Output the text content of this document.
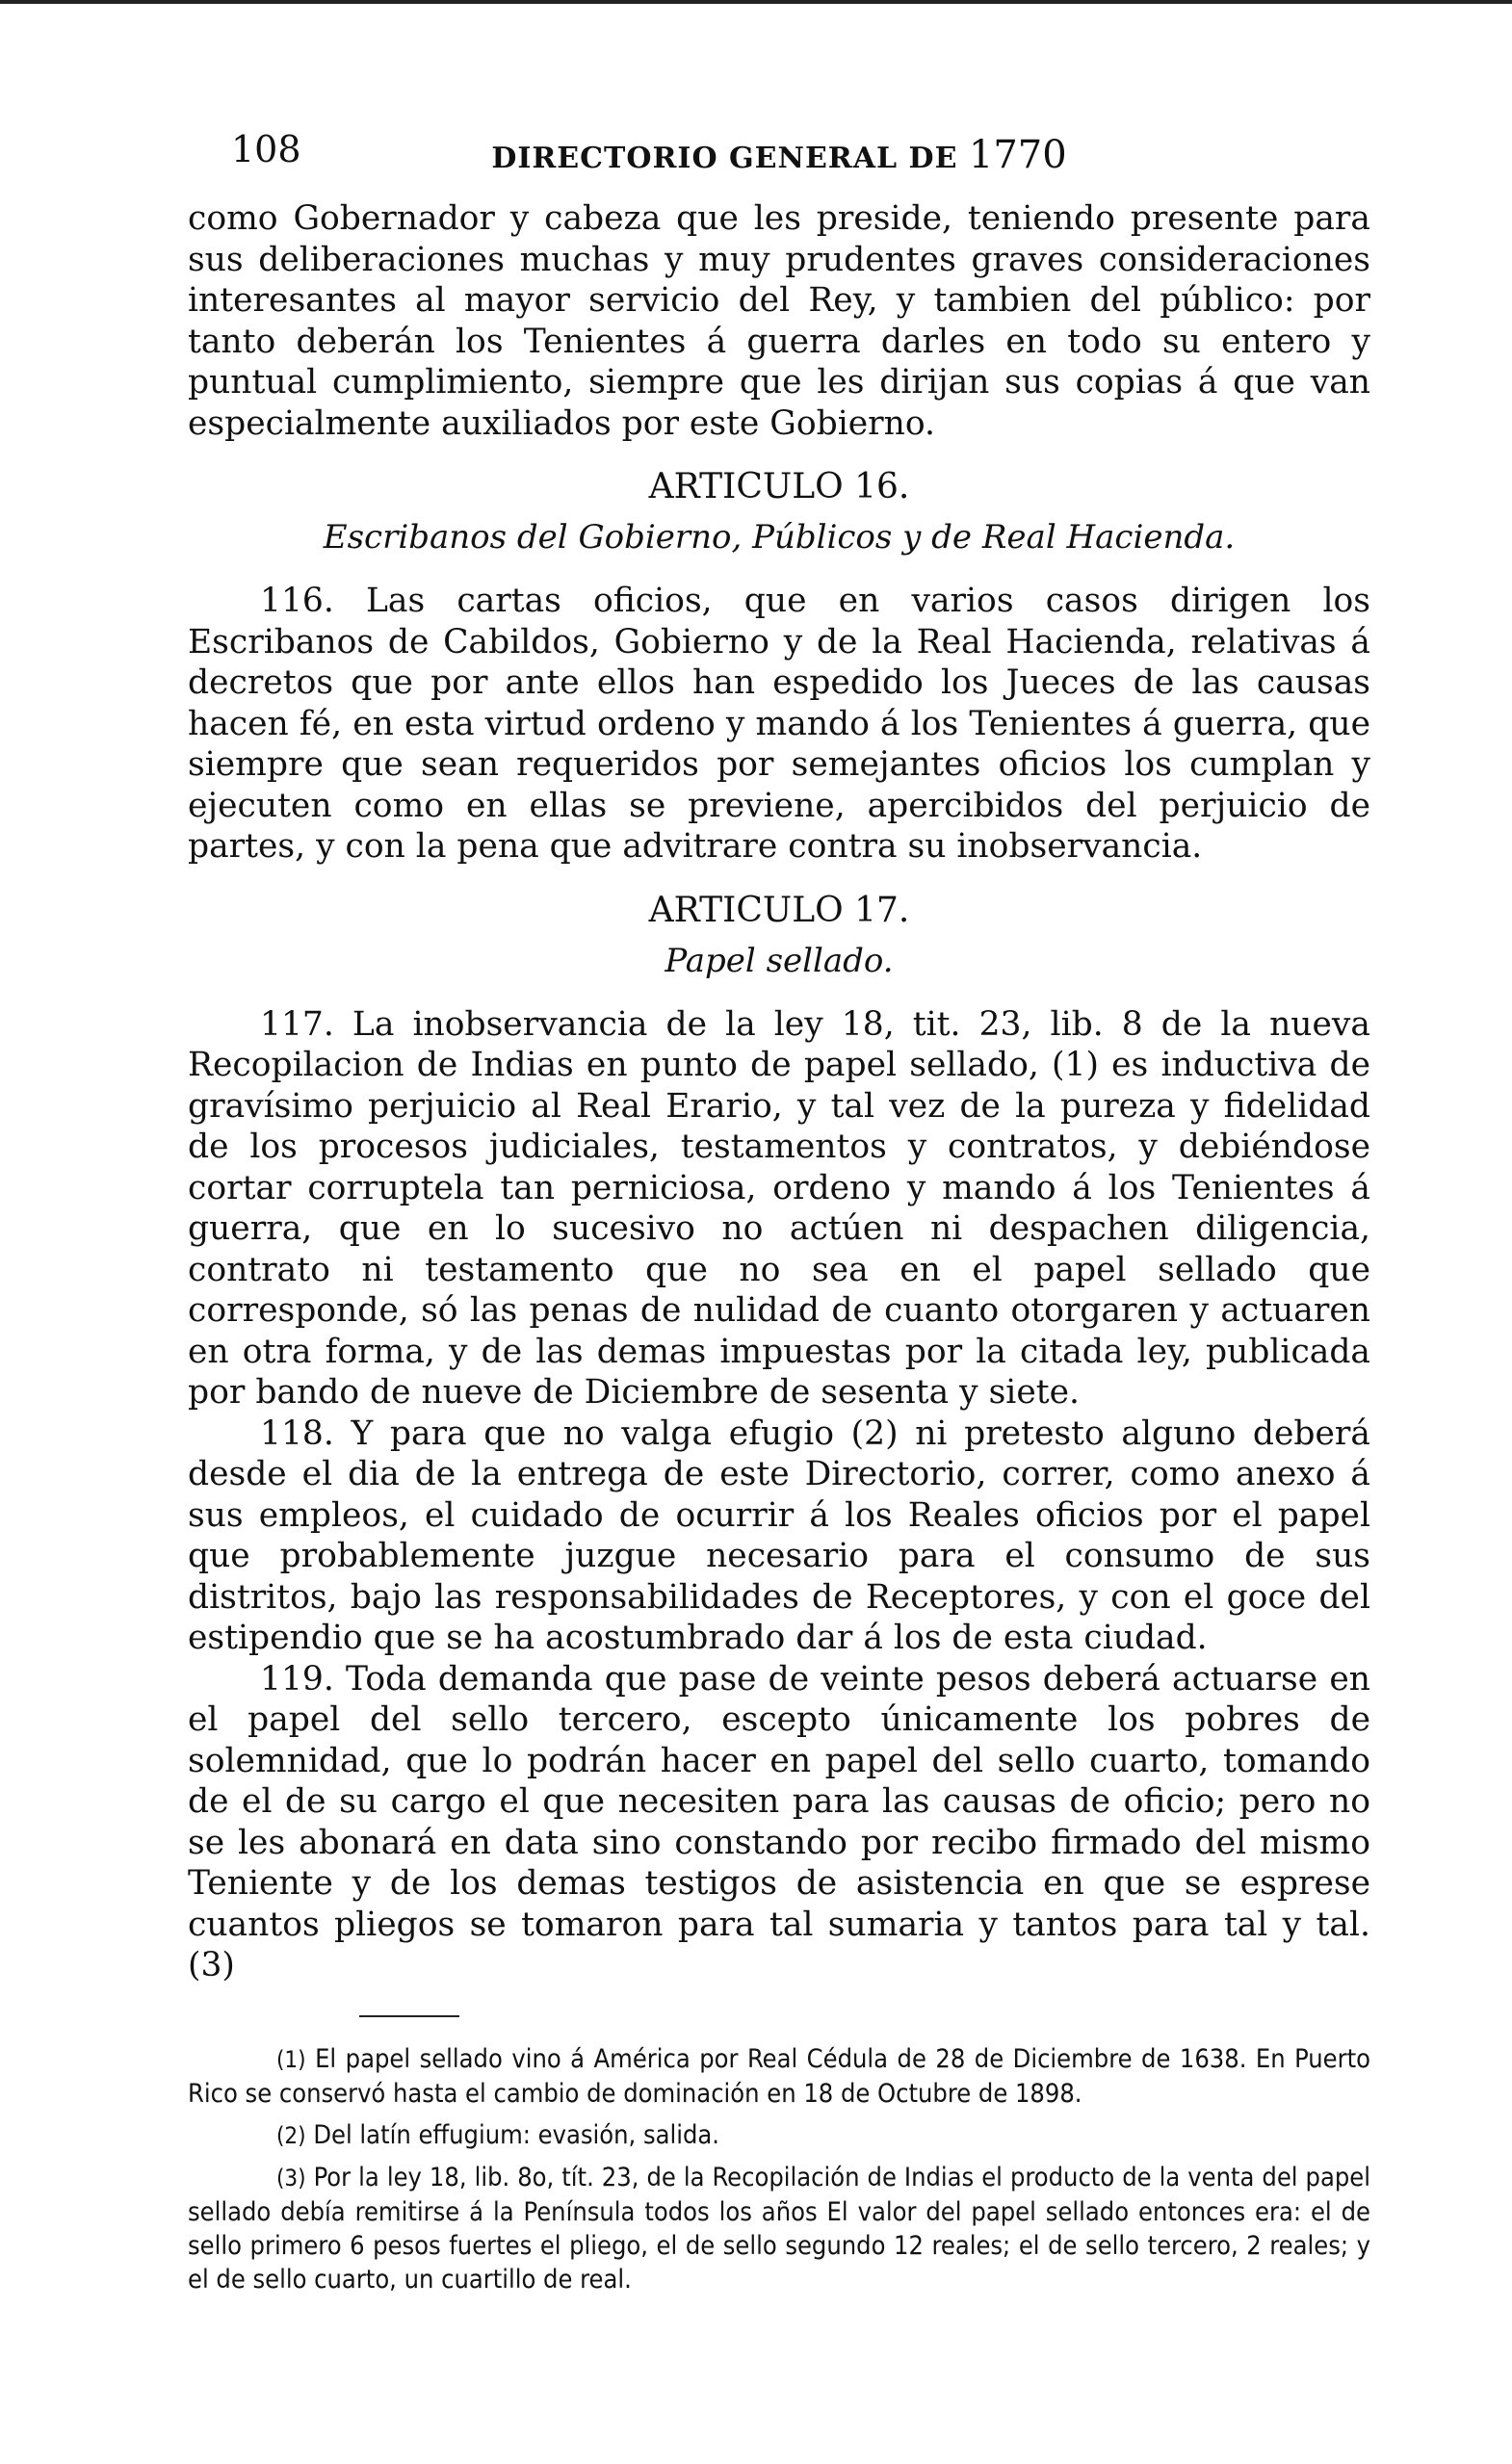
108	DIRECTORIO GENERAL DE 1770

como Gobernador y cabeza que les preside, teniendo presente para sus deliberaciones muchas y muy prudentes graves consideraciones interesantes al mayor servicio del Rey, y tambien del público: por tanto deberán los Tenientes á guerra darles en todo su entero y puntual cumplimiento, siempre que les dirijan sus copias á que van especialmente auxiliados por este Gobierno.

ARTICULO 16.
Escribanos del Gobierno, Públicos y de Real Hacienda.

116. Las cartas oficios, que en varios casos dirigen los Escribanos de Cabildos, Gobierno y de la Real Hacienda, relativas á decretos que por ante ellos han espedido los Jueces de las causas hacen fé, en esta virtud ordeno y mando á los Tenientes á guerra, que siempre que sean requeridos por semejantes oficios los cumplan y ejecuten como en ellas se previene, apercibidos del perjuicio de partes, y con la pena que advitrare contra su inobservancia.

ARTICULO 17.
Papel sellado.

117. La inobservancia de la ley 18, tit. 23, lib. 8 de la nueva Recopilacion de Indias en punto de papel sellado, (1) es inductiva de gravísimo perjuicio al Real Erario, y tal vez de la pureza y fidelidad de los procesos judiciales, testamentos y contratos, y debiéndose cortar corruptela tan perniciosa, ordeno y mando á los Tenientes á guerra, que en lo sucesivo no actúen ni despachen diligencia, contrato ni testamento que no sea en el papel sellado que corresponde, só las penas de nulidad de cuanto otorgaren y actuaren en otra forma, y de las demas impuestas por la citada ley, publicada por bando de nueve de Diciembre de sesenta y siete.

118. Y para que no valga efugio (2) ni pretesto alguno deberá desde el dia de la entrega de este Directorio, correr, como anexo á sus empleos, el cuidado de ocurrir á los Reales oficios por el papel que probablemente juzgue necesario para el consumo de sus distritos, bajo las responsabilidades de Receptores, y con el goce del estipendio que se ha acostumbrado dar á los de esta ciudad.

119. Toda demanda que pase de veinte pesos deberá actuarse en el papel del sello tercero, escepto únicamente los pobres de solemnidad, que lo podrán hacer en papel del sello cuarto, tomando de el de su cargo el que necesiten para las causas de oficio; pero no se les abonará en data sino constando por recibo firmado del mismo Teniente y de los demas testigos de asistencia en que se esprese cuantos pliegos se tomaron para tal sumaria y tantos para tal y tal. (3)

(1) El papel sellado vino á América por Real Cédula de 28 de Diciembre de 1638. En Puerto Rico se conservó hasta el cambio de dominación en 18 de Octubre de 1898.
(2) Del latín effugium: evasión, salida.
(3) Por la ley 18, lib. 8o, tít. 23, de la Recopilación de Indias el producto de la venta del papel sellado debía remitirse á la Península todos los años El valor del papel sellado entonces era: el de sello primero 6 pesos fuertes el pliego, el de sello segundo 12 reales; el de sello tercero, 2 reales; y el de sello cuarto, un cuartillo de real.
